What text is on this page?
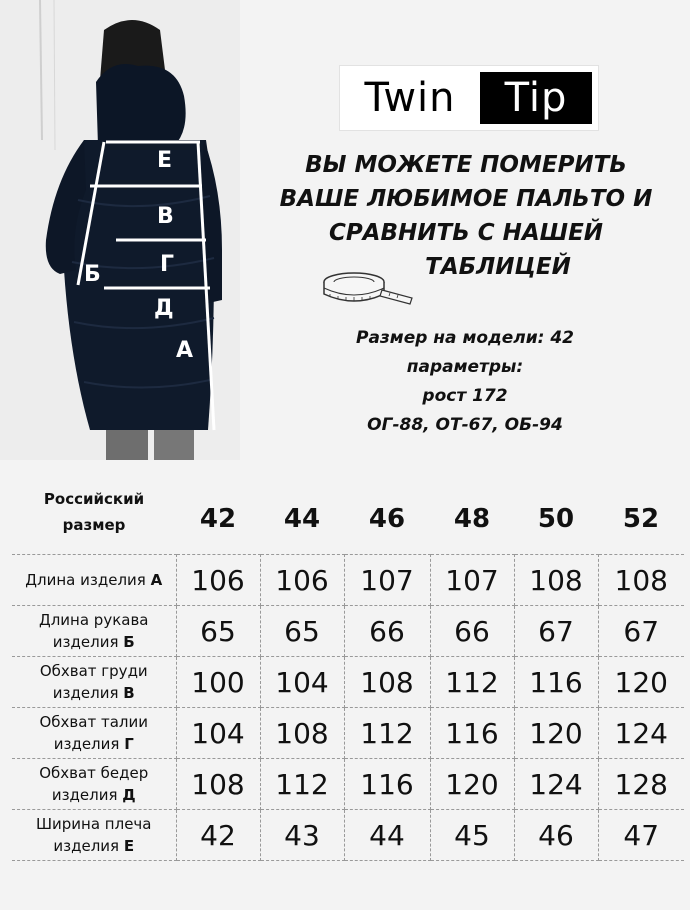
Е
В
Г
Б
Д
А
Twin	Tip
ВЫ МОЖЕТЕ ПОМЕРИТЬ
ВАШЕ ЛЮБИМОЕ ПАЛЬТО И
СРАВНИТЬ С НАШЕЙ
ТАБЛИЦЕЙ
Размер на модели: 42
параметры:
рост 172
ОГ-88, ОТ-67, ОБ-94
Российский
размер	42	44	46	48	50	52
Длина изделия А	106	106	107	107	108	108
Длина рукава изделия Б	65	65	66	66	67	67
Обхват груди изделия В	100	104	108	112	116	120
Обхват талии изделия Г	104	108	112	116	120	124
Обхват бедер изделия Д	108	112	116	120	124	128
Ширина плеча изделия Е	42	43	44	45	46	47
